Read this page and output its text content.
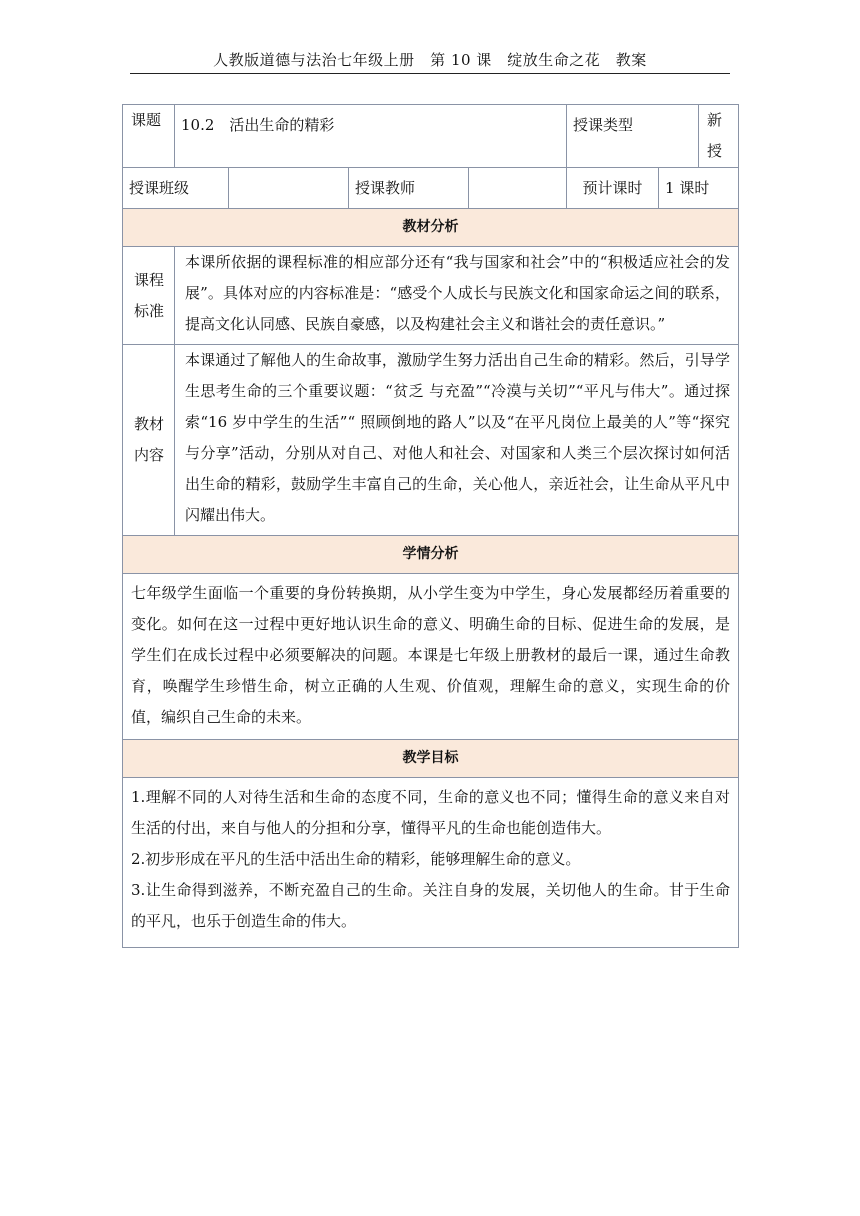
人教版道德与法治七年级上册　第 10 课　绽放生命之花　教案
课题	10.2　活出生命的精彩				授课类型		新授
授课班级			授课教师		预计课时	1 课时	
教材分析							

课程标准	本课所依据的课程标准的相应部分还有“我与国家和社会”中的“积极适应社会的发展”。具体对应的内容标准是：“感受个人成长与民族文化和国家命运之间的联系，提高文化认同感、民族自豪感，以及构建社会主义和谐社会的责任意识。”						

教材内容	本课通过了解他人的生命故事，激励学生努力活出自己生命的精彩。然后，引导学生思考生命的三个重要议题：“贫乏 与充盈”“冷漠与关切”“平凡与伟大”。通过探索“16 岁中学生的生活”“ 照顾倒地的路人”以及“在平凡岗位上最美的人”等“探究与分享”活动，分别从对自己、对他人和社会、对国家和人类三个层次探讨如何活出生命的精彩，鼓励学生丰富自己的生命，关心他人，亲近社会，让生命从平凡中闪耀出伟大。						

学情分析							

七年级学生面临一个重要的身份转换期，从小学生变为中学生，身心发展都经历着重要的变化。如何在这一过程中更好地认识生命的意义、明确生命的目标、促进生命的发展，是学生们在成长过程中必须要解决的问题。本课是七年级上册教材的最后一课，通过生命教育，唤醒学生珍惜生命，树立正确的人生观、价值观，理解生命的意义，实现生命的价值，编织自己生命的未来。							

教学目标							

1.理解不同的人对待生活和生命的态度不同，生命的意义也不同；懂得生命的意义来自对生活的付出，来自与他人的分担和分享，懂得平凡的生命也能创造伟大。

2.初步形成在平凡的生活中活出生命的精彩，能够理解生命的意义。

3.让生命得到滋养，不断充盈自己的生命。关注自身的发展，关切他人的生命。甘于生命的平凡，也乐于创造生命的伟大。							
